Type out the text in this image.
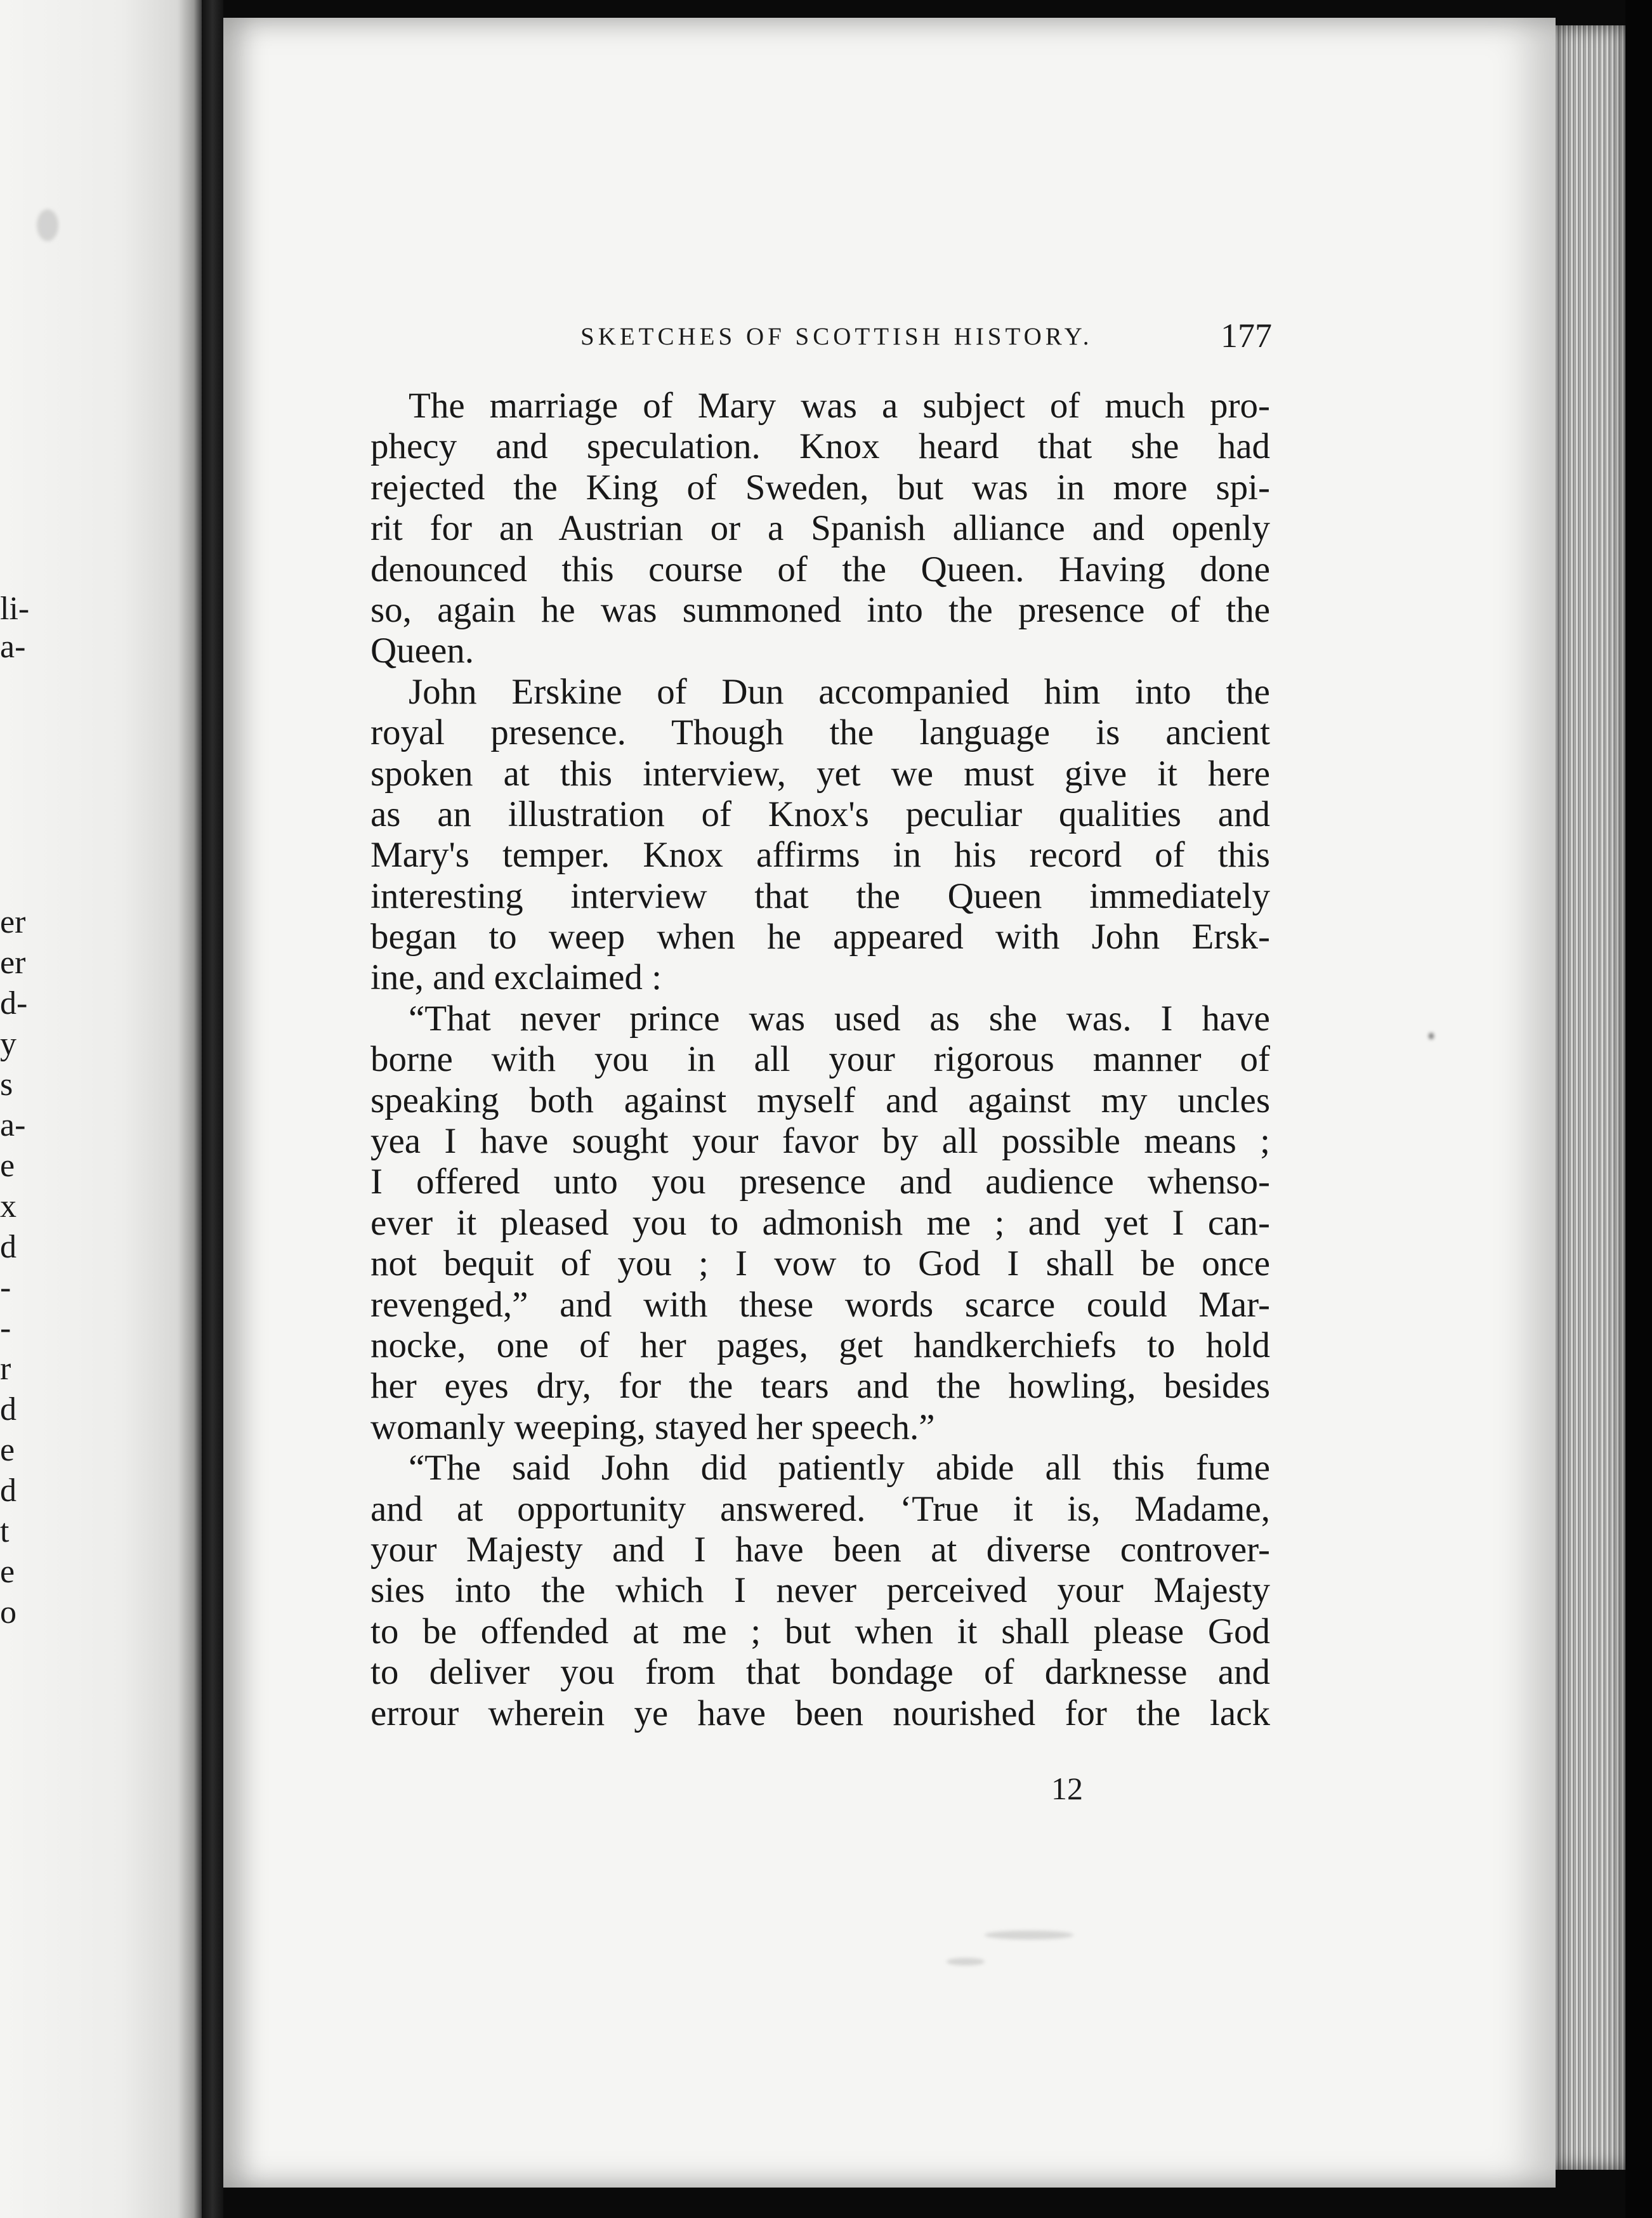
li-
a-
er
er
d-
y
s
a-
e
x
d
-
-
r
d
e
d
t
e
o
SKETCHES OF SCOTTISH HISTORY.	177
The marriage of Mary was a subject of much pro-
phecy and speculation. Knox heard that she had
rejected the King of Sweden, but was in more spi-
rit for an Austrian or a Spanish alliance and openly
denounced this course of the Queen. Having done
so, again he was summoned into the presence of the
Queen.
John Erskine of Dun accompanied him into the
royal presence. Though the language is ancient
spoken at this interview, yet we must give it here
as an illustration of Knox's peculiar qualities and
Mary's temper. Knox affirms in his record of this
interesting interview that the Queen immediately
began to weep when he appeared with John Ersk-
ine, and exclaimed :
“That never prince was used as she was. I have
borne with you in all your rigorous manner of
speaking both against myself and against my uncles
yea I have sought your favor by all possible means ;
I offered unto you presence and audience whenso-
ever it pleased you to admonish me ; and yet I can-
not bequit of you ; I vow to God I shall be once
revenged,” and with these words scarce could Mar-
nocke, one of her pages, get handkerchiefs to hold
her eyes dry, for the tears and the howling, besides
womanly weeping, stayed her speech.”
“The said John did patiently abide all this fume
and at opportunity answered. ‘True it is, Madame,
your Majesty and I have been at diverse controver-
sies into the which I never perceived your Majesty
to be offended at me ; but when it shall please God
to deliver you from that bondage of darknesse and
errour wherein ye have been nourished for the lack
12
